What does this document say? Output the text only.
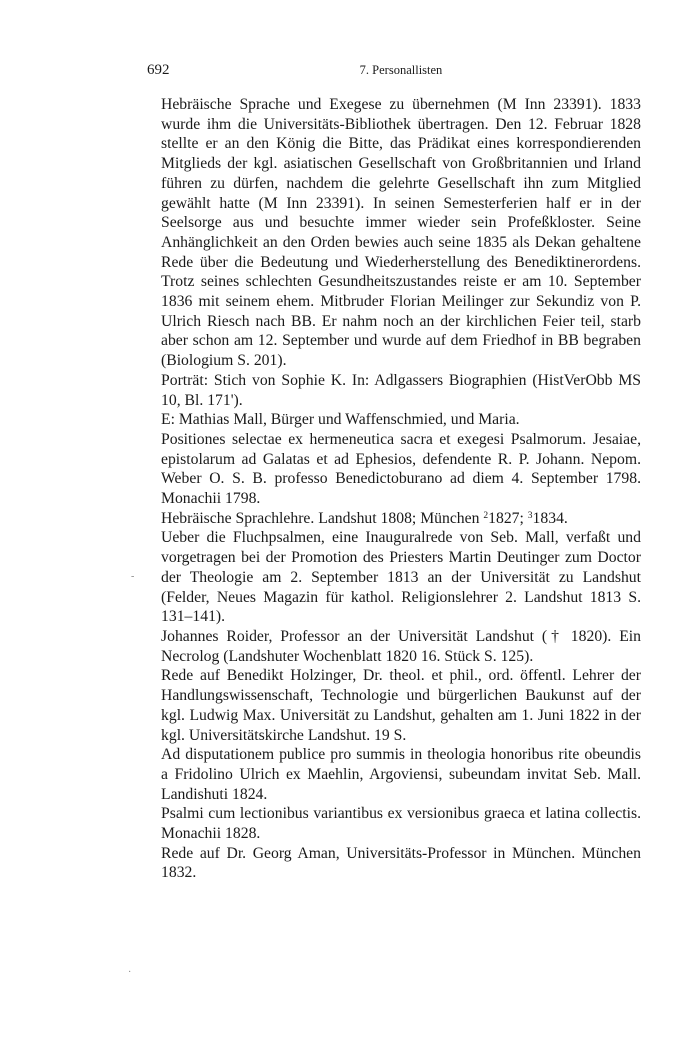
692	7. Personallisten

Hebräische Sprache und Exegese zu übernehmen (M Inn 23391). 1833 wurde ihm die Universitäts-Bibliothek übertragen. Den 12. Februar 1828 stellte er an den König die Bitte, das Prädikat eines korrespondierenden Mitglieds der kgl. asiatischen Gesellschaft von Großbritannien und Irland führen zu dürfen, nachdem die gelehrte Gesellschaft ihn zum Mitglied gewählt hatte (M Inn 23391). In seinen Semesterferien half er in der Seelsorge aus und besuchte immer wieder sein Profeßkloster. Seine Anhänglichkeit an den Orden bewies auch seine 1835 als Dekan gehaltene Rede über die Bedeutung und Wiederherstellung des Benediktinerordens. Trotz seines schlechten Gesundheitszustandes reiste er am 10. September 1836 mit seinem ehem. Mitbruder Florian Meilinger zur Sekundiz von P. Ulrich Riesch nach BB. Er nahm noch an der kirchlichen Feier teil, starb aber schon am 12. September und wurde auf dem Friedhof in BB begraben (Biologium S. 201).

Porträt: Stich von Sophie K. In: Adlgassers Biographien (HistVerObb MS 10, Bl. 171').

E: Mathias Mall, Bürger und Waffenschmied, und Maria.

Positiones selectae ex hermeneutica sacra et exegesi Psalmorum. Jesaiae, epistolarum ad Galatas et ad Ephesios, defendente R. P. Johann. Nepom. Weber O. S. B. professo Benedictoburano ad diem 4. September 1798. Monachii 1798.

Hebräische Sprachlehre. Landshut 1808; München $^2$1827; $^3$1834.

Ueber die Fluchpsalmen, eine Inauguralrede von Seb. Mall, verfaßt und vorgetragen bei der Promotion des Priesters Martin Deutinger zum Doctor der Theologie am 2. September 1813 an der Universität zu Landshut (Felder, Neues Magazin für kathol. Religionslehrer 2. Landshut 1813 S. 131–141).

Johannes Roider, Professor an der Universität Landshut († 1820). Ein Necrolog (Landshuter Wochenblatt 1820 16. Stück S. 125).

Rede auf Benedikt Holzinger, Dr. theol. et phil., ord. öffentl. Lehrer der Handlungswissenschaft, Technologie und bürgerlichen Baukunst auf der kgl. Ludwig Max. Universität zu Landshut, gehalten am 1. Juni 1822 in der kgl. Universitätskirche Landshut. 19 S.

Ad disputationem publice pro summis in theologia honoribus rite obeundis a Fridolino Ulrich ex Maehlin, Argoviensi, subeundam invitat Seb. Mall. Landishuti 1824.

Psalmi cum lectionibus variantibus ex versionibus graeca et latina collectis. Monachii 1828.

Rede auf Dr. Georg Aman, Universitäts-Professor in München. München 1832.

-
·
